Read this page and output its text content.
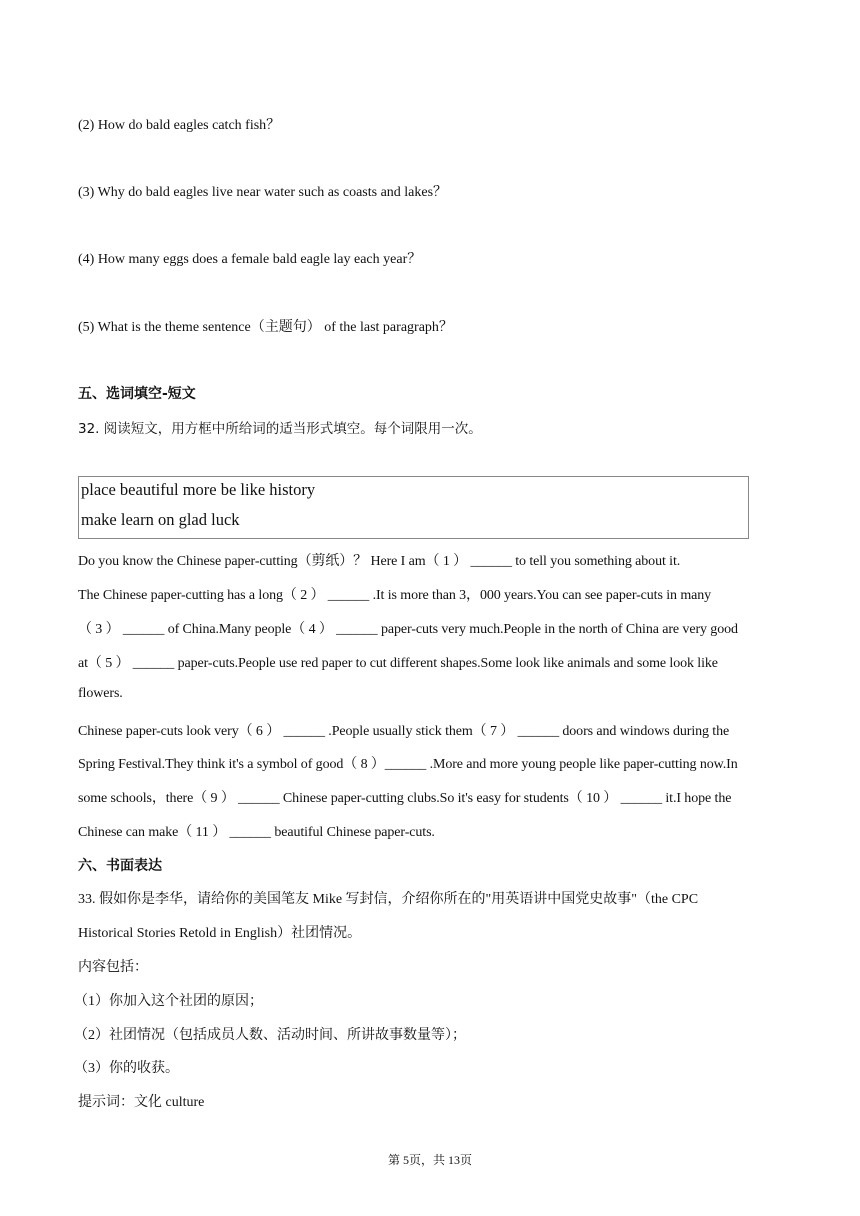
(2) How do bald eagles catch fish？
(3) Why do bald eagles live near water such as coasts and lakes？
(4) How many eggs does a female bald eagle lay each year？
(5) What is the theme sentence（主题句） of the last paragraph？
五、选词填空-短文
32. 阅读短文，用方框中所给词的适当形式填空。每个词限用一次。
place beautiful more be like history
make learn on glad luck
Do you know the Chinese paper-cutting（剪纸）？ Here I am（ 1 ） ______ to tell you something about it.
The Chinese paper-cutting has a long（ 2 ） ______ .It is more than 3，000 years.You can see paper-cuts in many
（ 3 ） ______ of China.Many people（ 4 ） ______ paper-cuts very much.People in the north of China are very good
at（ 5 ） ______ paper-cuts.People use red paper to cut different shapes.Some look like animals and some look like
flowers.
Chinese paper-cuts look very（ 6 ） ______ .People usually stick them（ 7 ） ______ doors and windows during the
Spring Festival.They think it's a symbol of good（ 8 ）______ .More and more young people like paper-cutting now.In
some schools，there（ 9 ） ______ Chinese paper-cutting clubs.So it's easy for students（ 10 ） ______ it.I hope the
Chinese can make（ 11 ） ______ beautiful Chinese paper-cuts.
六、书面表达
33. 假如你是李华，请给你的美国笔友 Mike 写封信，介绍你所在的"用英语讲中国党史故事"（the CPC
Historical Stories Retold in English）社团情况。
内容包括：
（1）你加入这个社团的原因；
（2）社团情况（包括成员人数、活动时间、所讲故事数量等）；
（3）你的收获。
提示词：文化 culture
第 5页，共 13页
